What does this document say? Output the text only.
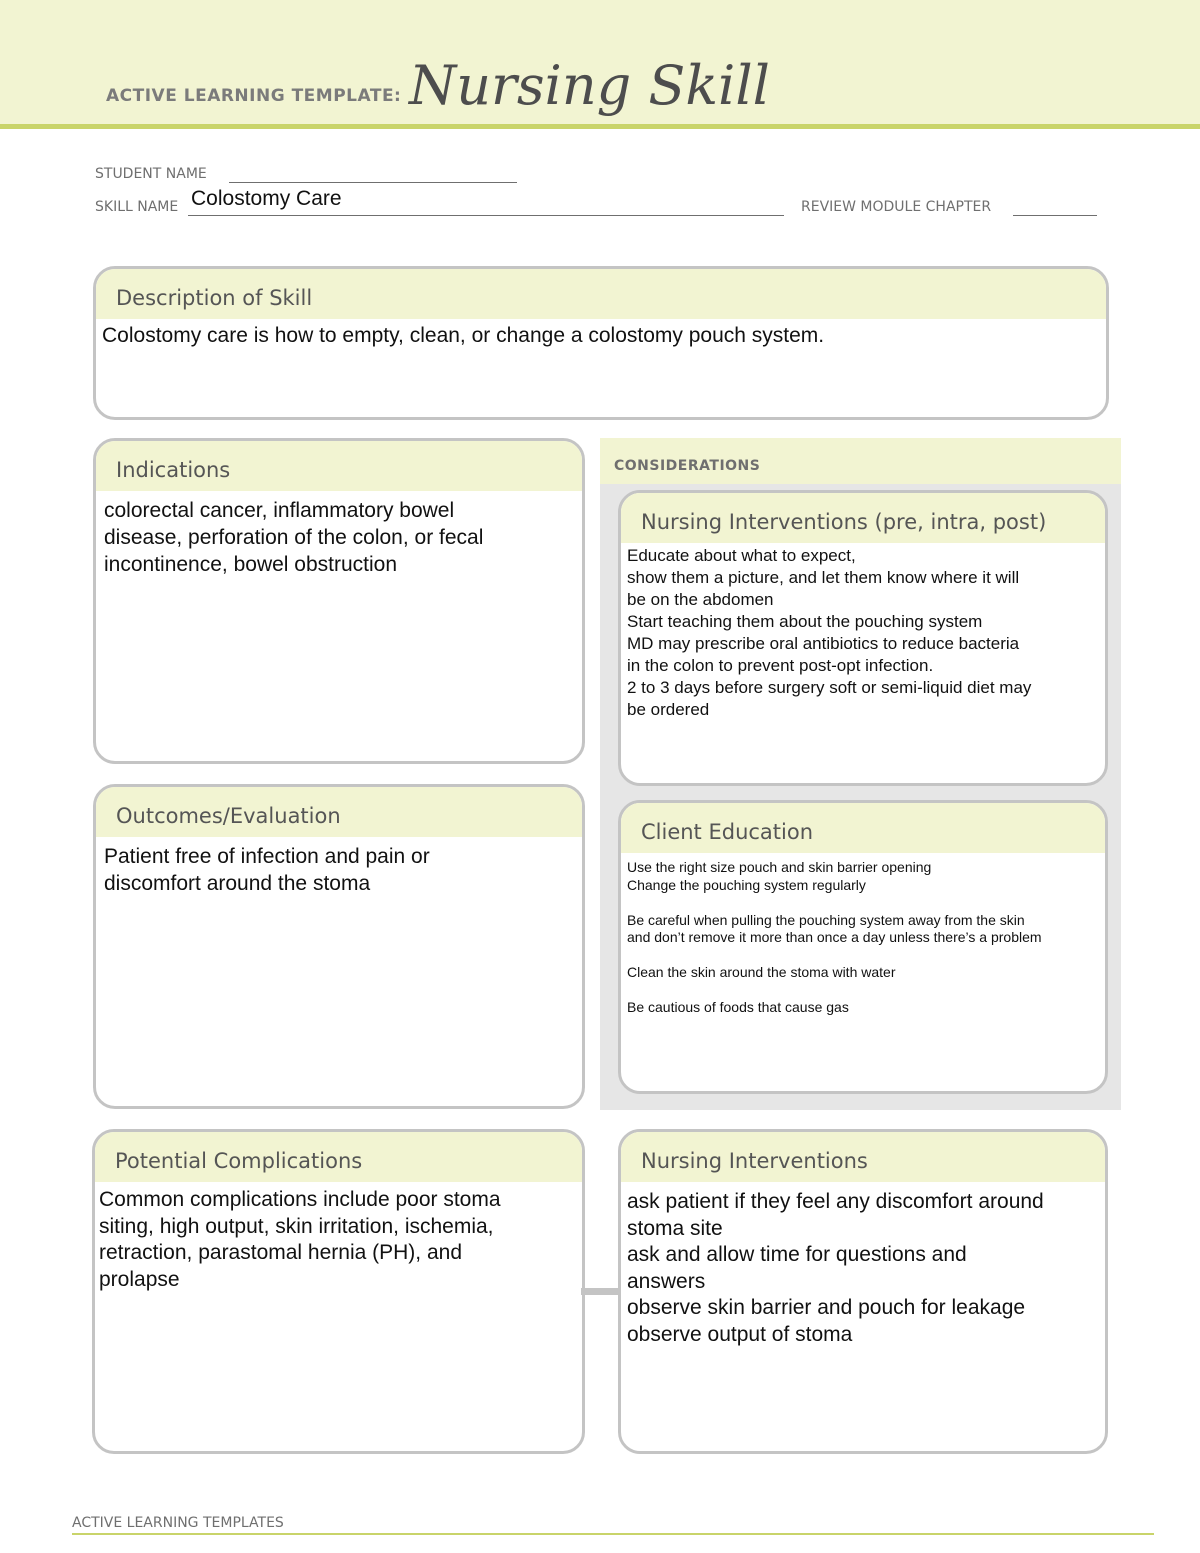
ACTIVE LEARNING TEMPLATE: Nursing Skill
STUDENT NAME
SKILL NAME Colostomy Care	REVIEW MODULE CHAPTER
Description of Skill

Colostomy care is how to empty, clean, or change a colostomy pouch system.

Indications

colorectal cancer, inflammatory bowel
disease, perforation of the colon, or fecal
incontinence, bowel obstruction

CONSIDERATIONS
Nursing Interventions (pre, intra, post)

Educate about what to expect,
show them a picture, and let them know where it will
be on the abdomen
Start teaching them about the pouching system
MD may prescribe oral antibiotics to reduce bacteria
in the colon to prevent post-opt infection.
2 to 3 days before surgery soft or semi-liquid diet may
be ordered

Outcomes/Evaluation

Patient free of infection and pain or
discomfort around the stoma

Client Education

Use the right size pouch and skin barrier opening
Change the pouching system regularly

Be careful when pulling the pouching system away from the skin
and don’t remove it more than once a day unless there’s a problem

Clean the skin around the stoma with water

Be cautious of foods that cause gas

Potential Complications

Common complications include poor stoma
siting, high output, skin irritation, ischemia,
retraction, parastomal hernia (PH), and
prolapse

Nursing Interventions

ask patient if they feel any discomfort around
stoma site
ask and allow time for questions and
answers
observe skin barrier and pouch for leakage
observe output of stoma

ACTIVE LEARNING TEMPLATES
